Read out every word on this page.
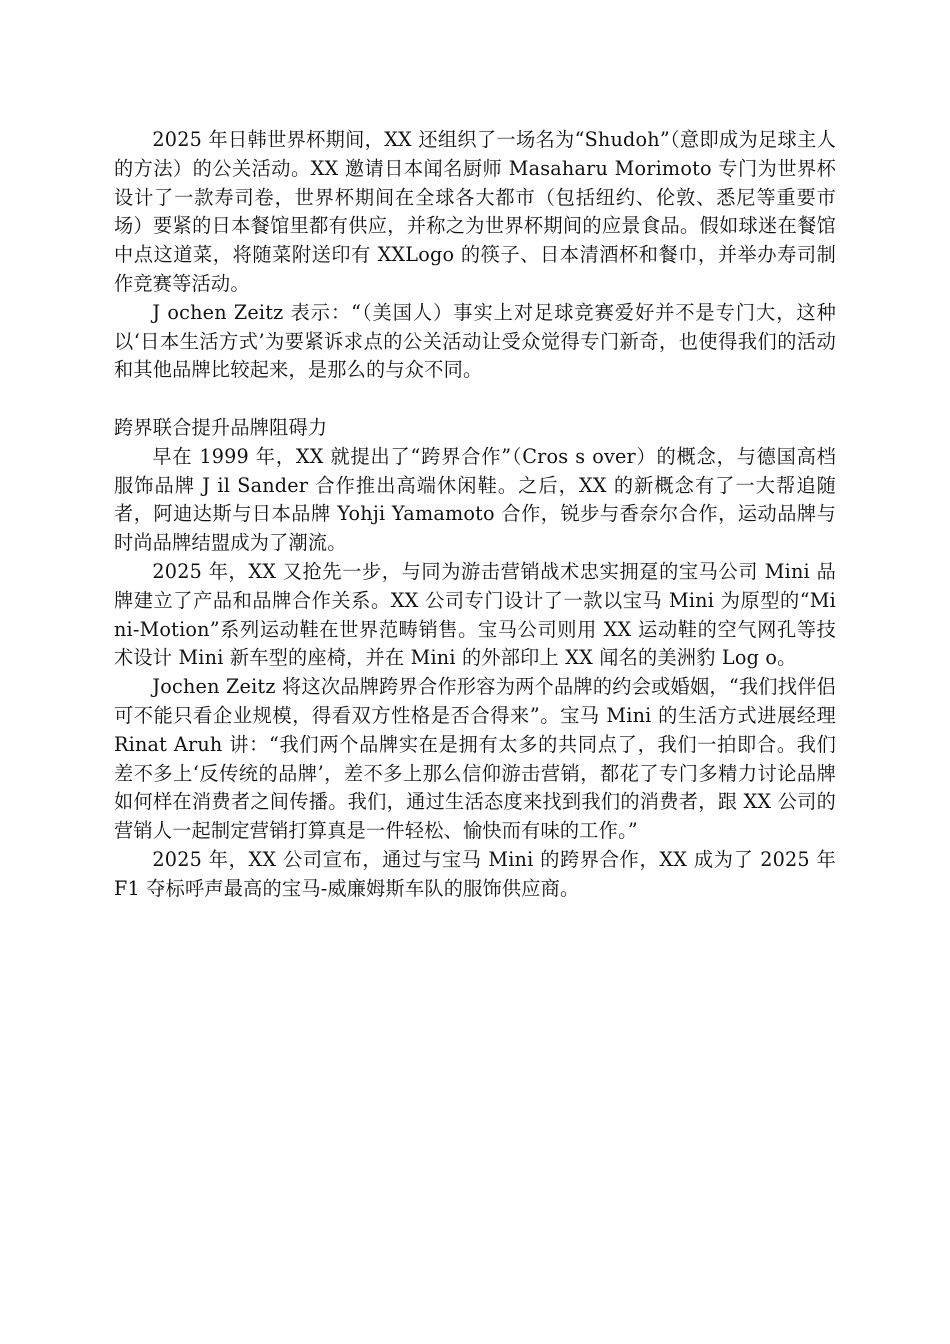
2025 年日韩世界杯期间，XX 还组织了一场名为“Shudoh”（意即成为足球主人的方法）的公关活动。XX 邀请日本闻名厨师 Masaharu Morimoto 专门为世界杯设计了一款寿司卷，世界杯期间在全球各大都市（包括纽约、伦敦、悉尼等重要市场）要紧的日本餐馆里都有供应，并称之为世界杯期间的应景食品。假如球迷在餐馆中点这道菜，将随菜附送印有 XXLogo 的筷子、日本清酒杯和餐巾，并举办寿司制作竞赛等活动。

J ochen Zeitz 表示：“（美国人）事实上对足球竞赛爱好并不是专门大，这种以‘日本生活方式’为要紧诉求点的公关活动让受众觉得专门新奇，也使得我们的活动和其他品牌比较起来，是那么的与众不同。

跨界联合提升品牌阻碍力

早在 1999 年，XX 就提出了“跨界合作”（Cros s over）的概念，与德国高档服饰品牌 J il Sander 合作推出高端休闲鞋。之后，XX 的新概念有了一大帮追随者，阿迪达斯与日本品牌 Yohji Yamamoto 合作，锐步与香奈尔合作，运动品牌与时尚品牌结盟成为了潮流。

2025 年，XX 又抢先一步，与同为游击营销战术忠实拥趸的宝马公司 Mini 品牌建立了产品和品牌合作关系。XX 公司专门设计了一款以宝马 Mini 为原型的“Mini-Motion”系列运动鞋在世界范畴销售。宝马公司则用 XX 运动鞋的空气网孔等技术设计 Mini 新车型的座椅，并在 Mini 的外部印上 XX 闻名的美洲豹 Log o。

Jochen Zeitz 将这次品牌跨界合作形容为两个品牌的约会或婚姻，“我们找伴侣可不能只看企业规模，得看双方性格是否合得来”。宝马 Mini 的生活方式进展经理 Rinat Aruh 讲：“我们两个品牌实在是拥有太多的共同点了，我们一拍即合。我们差不多上‘反传统的品牌’，差不多上那么信仰游击营销，都花了专门多精力讨论品牌如何样在消费者之间传播。我们，通过生活态度来找到我们的消费者，跟 XX 公司的营销人一起制定营销打算真是一件轻松、愉快而有味的工作。”

2025 年，XX 公司宣布，通过与宝马 Mini 的跨界合作，XX 成为了 2025 年 F1 夺标呼声最高的宝马-威廉姆斯车队的服饰供应商。
